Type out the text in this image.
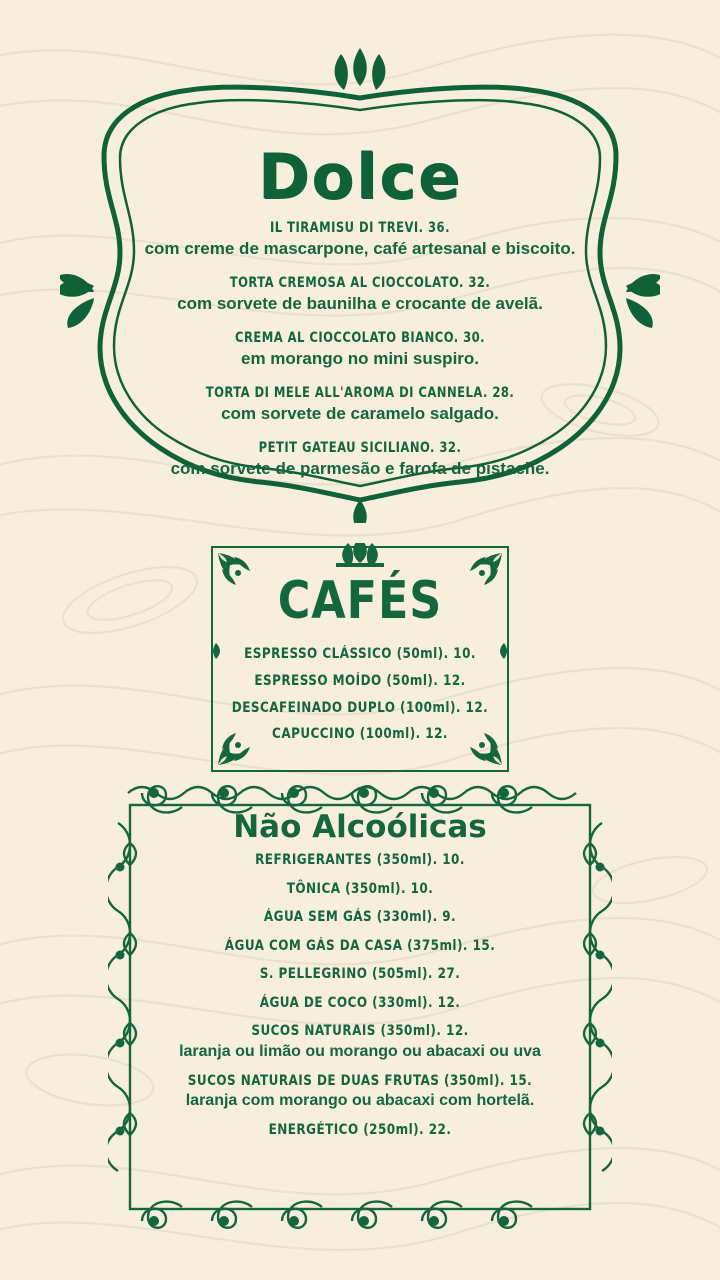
Dolce
IL TIRAMISU DI TREVI. 36.
com creme de mascarpone, café artesanal e biscoito.
TORTA CREMOSA AL CIOCCOLATO. 32.
com sorvete de baunilha e crocante de avelã.
CREMA AL CIOCCOLATO BIANCO. 30.
em morango no mini suspiro.
TORTA DI MELE ALL'AROMA DI CANNELA. 28.
com sorvete de caramelo salgado.
PETIT GATEAU SICILIANO. 32.
com sorvete de parmesão e farofa de pistache.
CAFÉS
ESPRESSO CLÁSSICO (50ml). 10.
ESPRESSO MOÍDO (50ml). 12.
DESCAFEINADO DUPLO (100ml). 12.
CAPUCCINO (100ml). 12.
Não Alcoólicas
REFRIGERANTES (350ml). 10.
TÔNICA (350ml). 10.
ÁGUA SEM GÁS (330ml). 9.
ÁGUA COM GÁS DA CASA (375ml). 15.
S. PELLEGRINO (505ml). 27.
ÁGUA DE COCO (330ml). 12.
SUCOS NATURAIS (350ml). 12.
laranja ou limão ou morango ou abacaxi ou uva
SUCOS NATURAIS DE DUAS FRUTAS (350ml). 15.
laranja com morango ou abacaxi com hortelã.
ENERGÉTICO (250ml). 22.
